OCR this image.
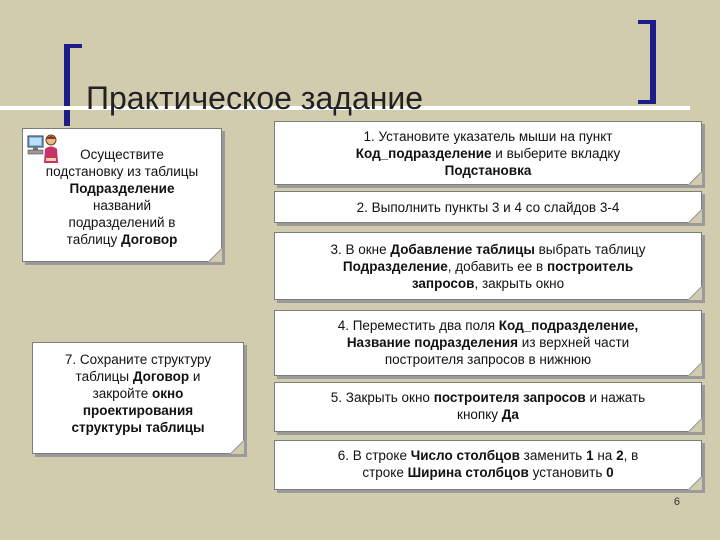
Практическое задание
Осуществите
подстановку из таблицы
Подразделение
названий
подразделений в
таблицу Договор
7. Сохраните структуру
таблицы Договор и
закройте окно
проектирования
структуры таблицы
1. Установите указатель мыши на пункт
Код_подразделение и выберите вкладку
Подстановка
2. Выполнить пункты 3 и 4 со слайдов 3-4
3. В окне Добавление таблицы выбрать таблицу
Подразделение, добавить ее в построитель
запросов, закрыть окно
4. Переместить два поля Код_подразделение,
Название подразделения из верхней части
построителя запросов в нижнюю
5. Закрыть окно построителя запросов и нажать
кнопку Да
6. В строке Число столбцов заменить 1 на 2, в
строке Ширина столбцов установить 0
6
